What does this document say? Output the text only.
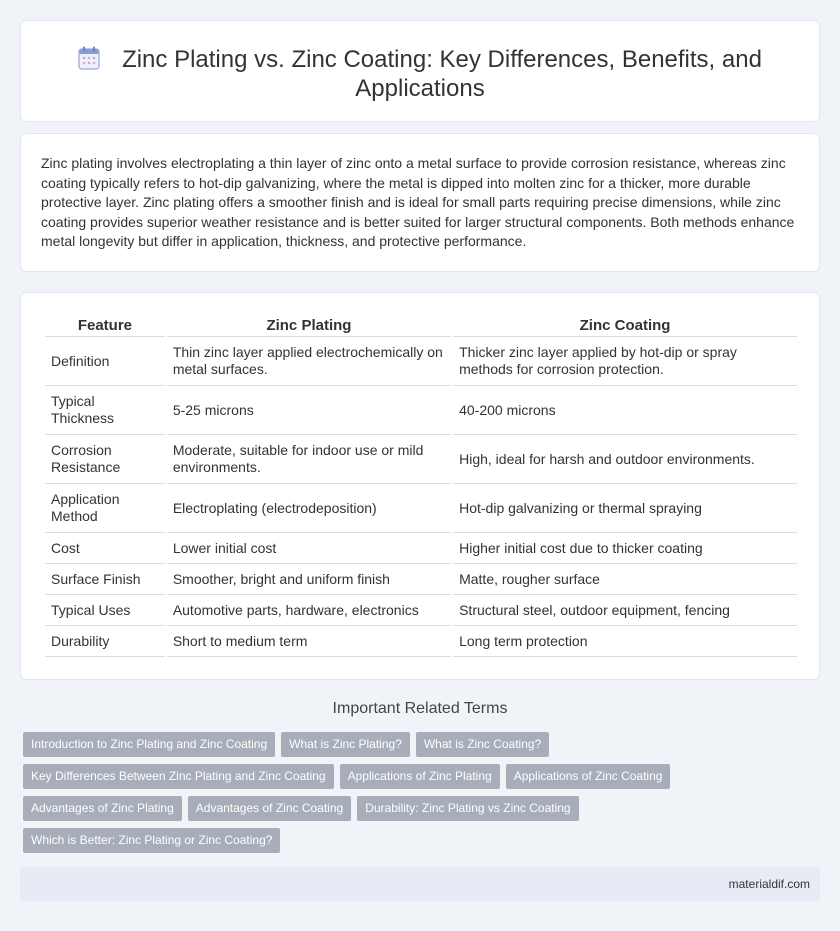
Zinc Plating vs. Zinc Coating: Key Differences, Benefits, and Applications

Zinc plating involves electroplating a thin layer of zinc onto a metal surface to provide corrosion resistance, whereas zinc coating typically refers to hot-dip galvanizing, where the metal is dipped into molten zinc for a thicker, more durable protective layer. Zinc plating offers a smoother finish and is ideal for small parts requiring precise dimensions, while zinc coating provides superior weather resistance and is better suited for larger structural components. Both methods enhance metal longevity but differ in application, thickness, and protective performance.

Feature	Zinc Plating	Zinc Coating
Definition	Thin zinc layer applied electrochemically on metal surfaces.	Thicker zinc layer applied by hot-dip or spray methods for corrosion protection.
Typical Thickness	5-25 microns	40-200 microns
Corrosion Resistance	Moderate, suitable for indoor use or mild environments.	High, ideal for harsh and outdoor environments.
Application Method	Electroplating (electrodeposition)	Hot-dip galvanizing or thermal spraying
Cost	Lower initial cost	Higher initial cost due to thicker coating
Surface Finish	Smoother, bright and uniform finish	Matte, rougher surface
Typical Uses	Automotive parts, hardware, electronics	Structural steel, outdoor equipment, fencing
Durability	Short to medium term	Long term protection
Important Related Terms
Introduction to Zinc Plating and Zinc Coating What is Zinc Plating? What is Zinc Coating?
Key Differences Between Zinc Plating and Zinc Coating Applications of Zinc Plating Applications of Zinc Coating
Advantages of Zinc Plating Advantages of Zinc Coating Durability: Zinc Plating vs Zinc Coating
Which is Better: Zinc Plating or Zinc Coating?
materialdif.com
